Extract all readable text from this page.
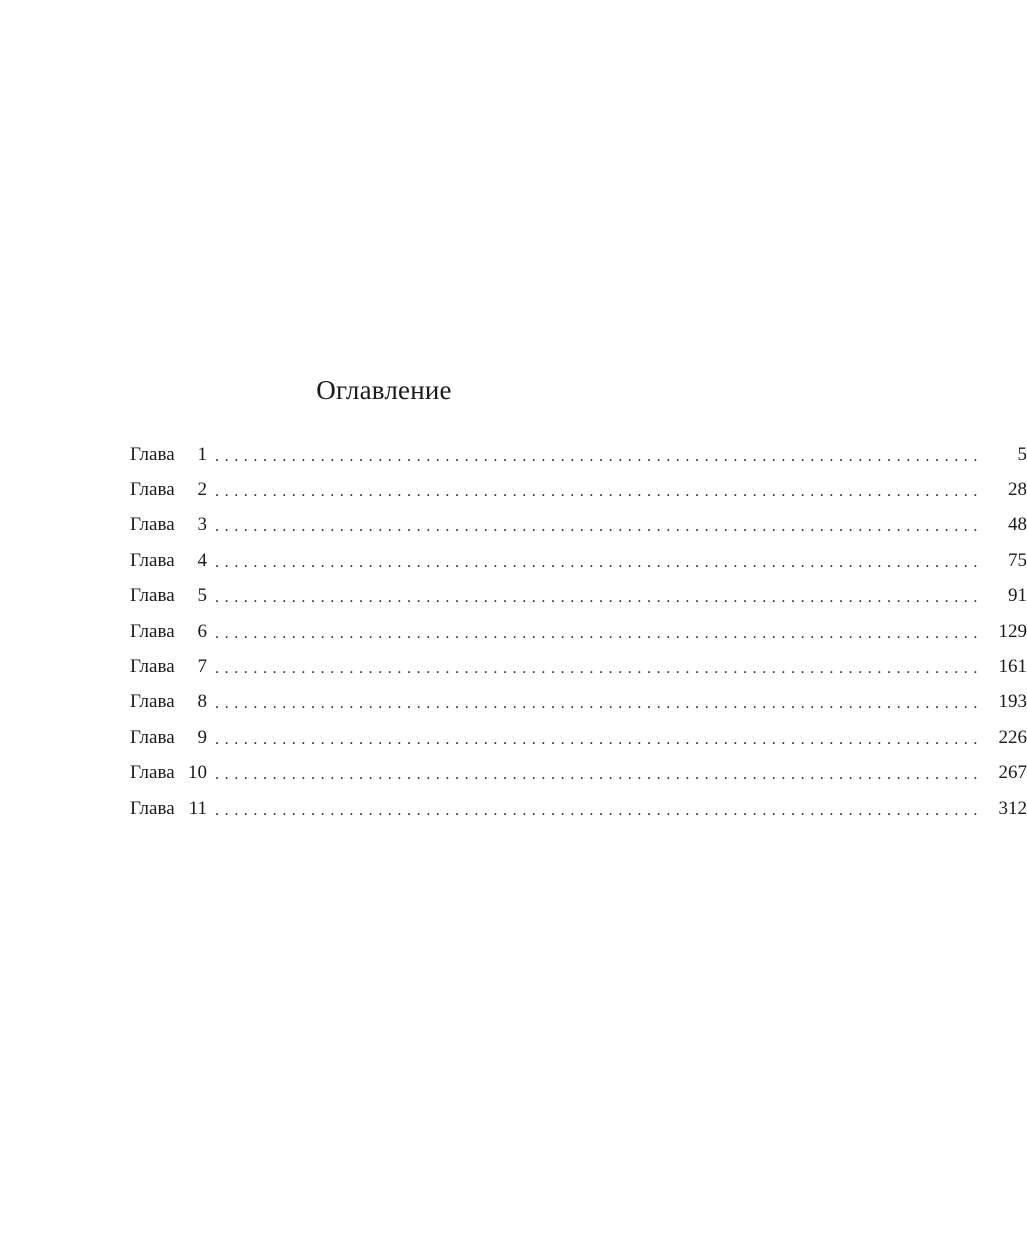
Оглавление
Глава	1 ................................................................................	5
Глава	2 ................................................................................	28
Глава	3 ................................................................................	48
Глава	4 ................................................................................	75
Глава	5 ................................................................................	91
Глава	6 ................................................................................ 129
Глава	7 ................................................................................ 161
Глава	8 ................................................................................ 193
Глава	9 ................................................................................ 226
Глава 10 ................................................................................ 267
Глава 11 ................................................................................ 312
